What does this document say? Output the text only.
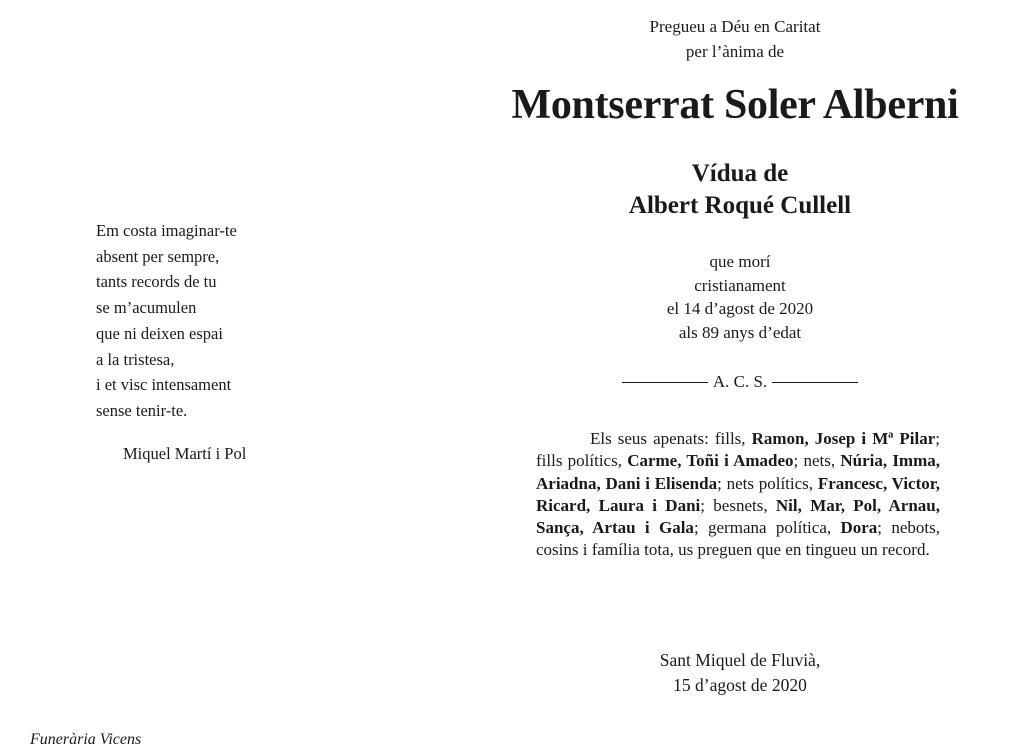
Em costa imaginar-te
absent per sempre,
tants records de tu
se m’acumulen
que ni deixen espai
a la tristesa,
i et visc intensament
sense tenir-te.
Miquel Martí i Pol
Funerària Vicens
Pregueu a Déu en Caritat
per l’ànima de
Montserrat Soler Alberni
Vídua de
Albert Roqué Cullell
que morí
cristianament
el 14 d’agost de 2020
als 89 anys d’edat
A. C. S.
Els seus apenats: fills, Ramon, Josep i Mª Pilar; fills polítics, Carme, Toñi i Amadeo; nets, Núria, Imma, Ariadna, Dani i Elisenda; nets polítics, Francesc, Victor, Ricard, Laura i Dani; besnets, Nil, Mar, Pol, Arnau, Sança, Artau i Gala; germana política, Dora; nebots, cosins i família tota, us preguen que en tingueu un record.
Sant Miquel de Fluvià,
15 d’agost de 2020
